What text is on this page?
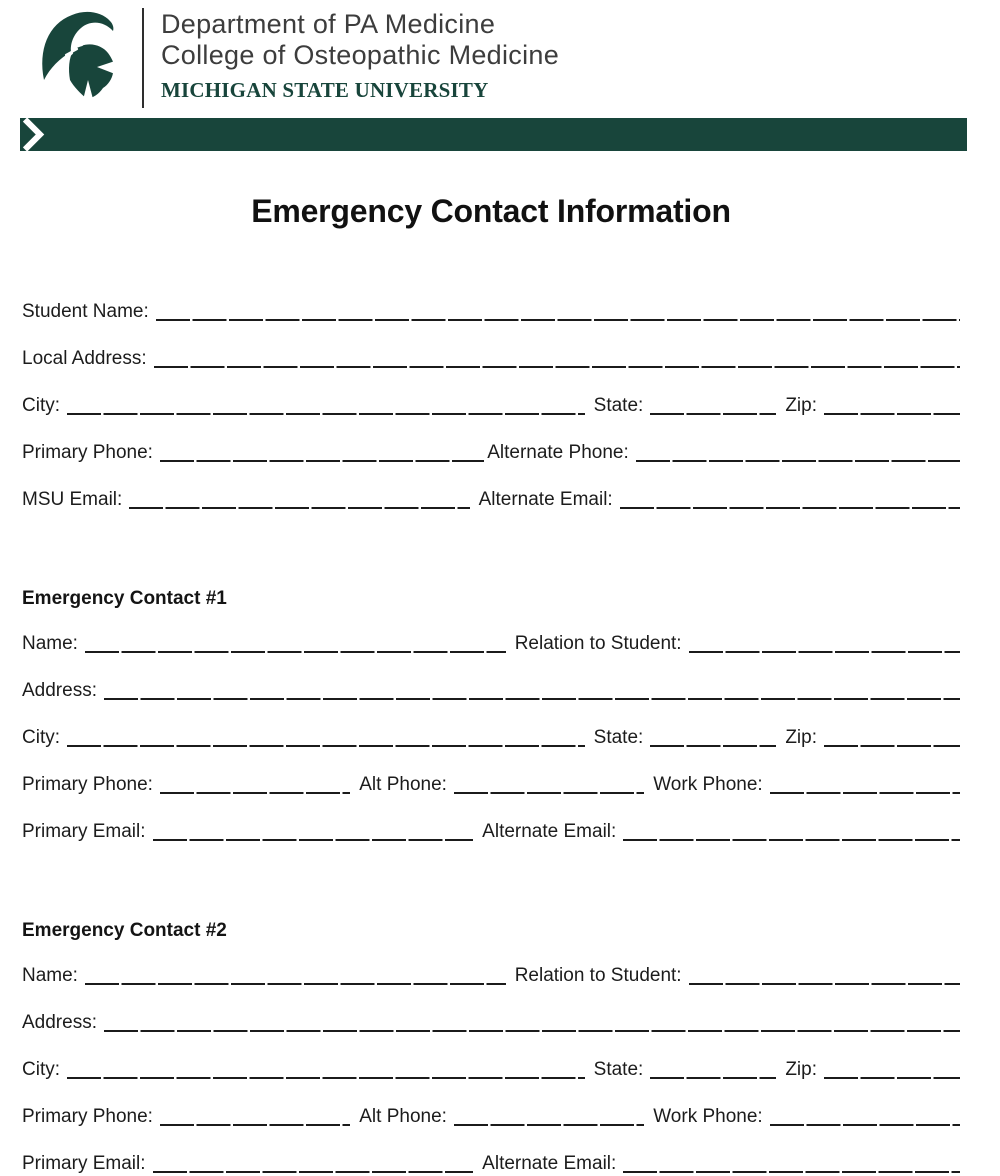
Department of PA Medicine
College of Osteopathic Medicine
MICHIGAN STATE UNIVERSITY
Emergency Contact Information
Student Name:
Local Address:
City:	State:	Zip:
Primary Phone:	Alternate Phone:
MSU Email:	Alternate Email:
Emergency Contact #1
Name:	Relation to Student:
Address:
City:	State:	Zip:
Primary Phone:	Alt Phone:	Work Phone:
Primary Email:	Alternate Email:
Emergency Contact #2
Name:	Relation to Student:
Address:
City:	State:	Zip:
Primary Phone:	Alt Phone:	Work Phone:
Primary Email:	Alternate Email:
